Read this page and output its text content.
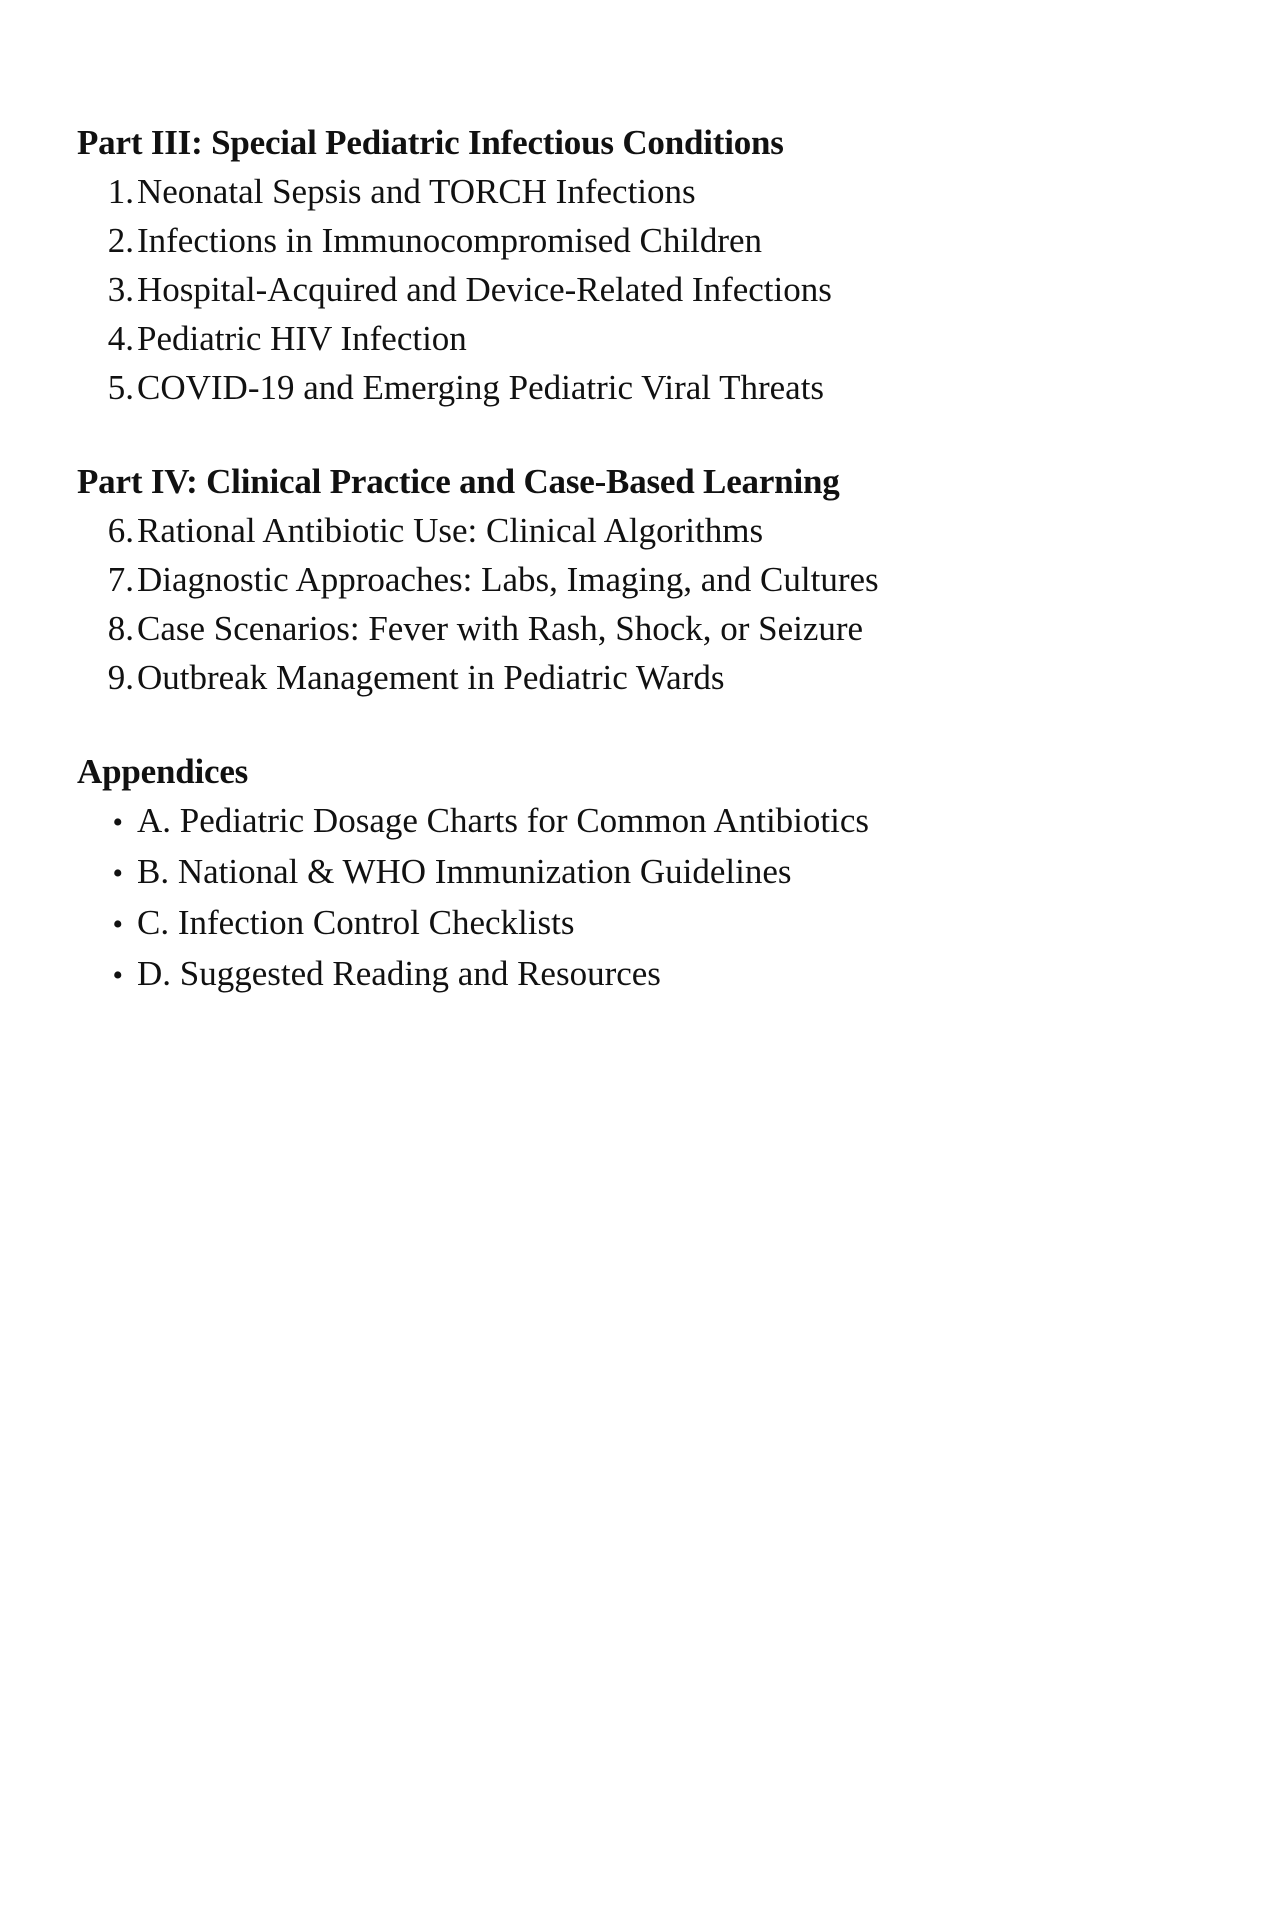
Part III: Special Pediatric Infectious Conditions
1. Neonatal Sepsis and TORCH Infections
2. Infections in Immunocompromised Children
3. Hospital-Acquired and Device-Related Infections
4. Pediatric HIV Infection
5. COVID-19 and Emerging Pediatric Viral Threats
Part IV: Clinical Practice and Case-Based Learning
6. Rational Antibiotic Use: Clinical Algorithms
7. Diagnostic Approaches: Labs, Imaging, and Cultures
8. Case Scenarios: Fever with Rash, Shock, or Seizure
9. Outbreak Management in Pediatric Wards
Appendices
• A. Pediatric Dosage Charts for Common Antibiotics
• B. National & WHO Immunization Guidelines
• C. Infection Control Checklists
• D. Suggested Reading and Resources
